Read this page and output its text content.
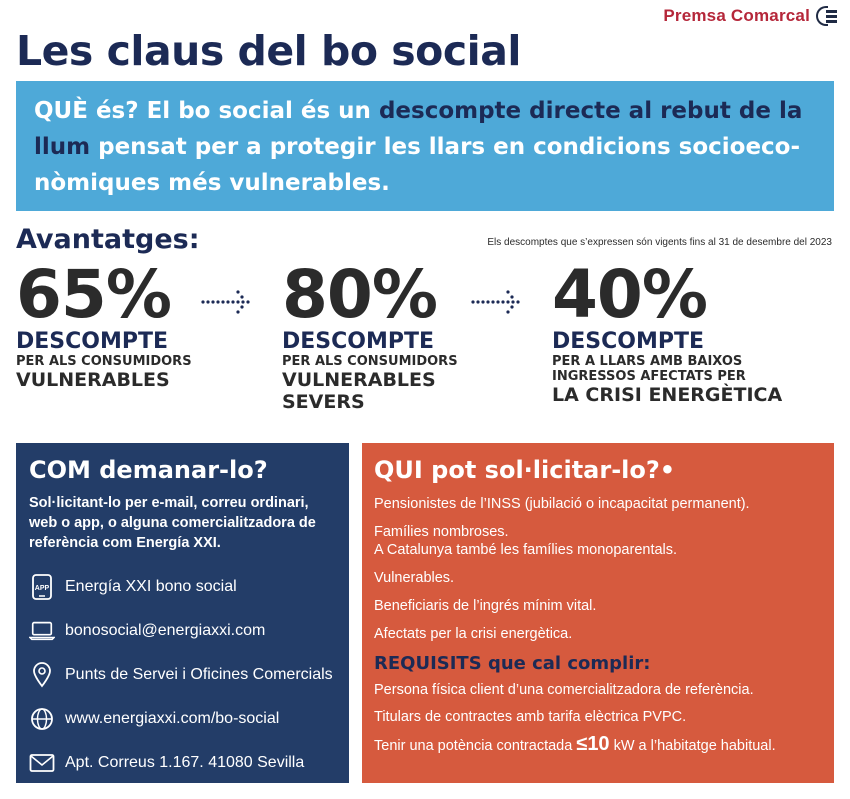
Premsa Comarcal
Les claus del bo social

QUÈ és? El bo social és un descompte directe al rebut de la llum pensat per a protegir les llars en condicions socioeco-nòmiques més vulnerables.

Avantatges:	Els descomptes que s’expressen són vigents fins al 31 de desembre del 2023
65%
DESCOMPTE
PER ALS CONSUMIDORS
VULNERABLES
80%
DESCOMPTE
PER ALS CONSUMIDORS
VULNERABLES SEVERS
40%
DESCOMPTE
PER A LLARS AMB BAIXOS INGRESSOS AFECTATS PER
LA CRISI ENERGÈTICA
COM demanar-lo?

Sol·licitant-lo per e-mail, correu ordinari, web o app, o alguna comercialitzadora de referència com Energía XXI.

APP Energía XXI bono social
bonosocial@energiaxxi.com
Punts de Servei i Oficines Comercials
www.energiaxxi.com/bo-social
Apt. Correus 1.167. 41080 Sevilla
QUI pot sol·licitar-lo?•
Pensionistes de l’INSS (jubilació o incapacitat permanent).
Famílies nombroses.
A Catalunya també les famílies monoparentals.
Vulnerables.
Beneficiaris de l’ingrés mínim vital.
Afectats per la crisi energètica.
REQUISITS que cal complir:
Persona física client d’una comercialitzadora de referència.
Titulars de contractes amb tarifa elèctrica PVPC.
Tenir una potència contractada ≤10 kW a l’habitatge habitual.
